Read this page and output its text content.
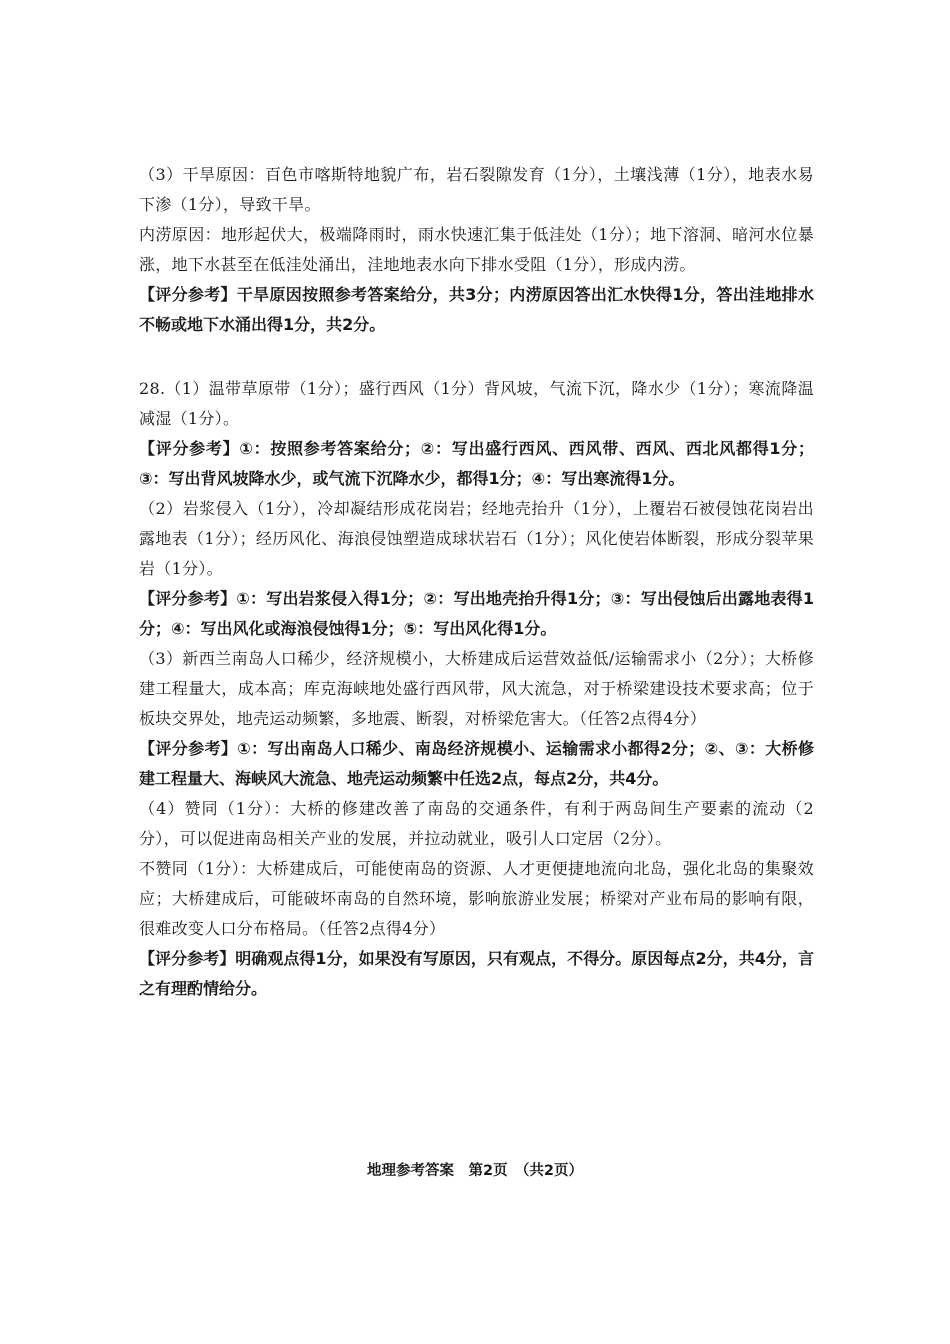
（3）干旱原因：百色市喀斯特地貌广布，岩石裂隙发育（1分），土壤浅薄（1分），地表水易下渗（1分），导致干旱。

内涝原因：地形起伏大，极端降雨时，雨水快速汇集于低洼处（1分）；地下溶洞、暗河水位暴涨，地下水甚至在低洼处涌出，洼地地表水向下排水受阻（1分），形成内涝。

【评分参考】干旱原因按照参考答案给分，共3分；内涝原因答出汇水快得1分，答出洼地排水不畅或地下水涌出得1分，共2分。

28.（1）温带草原带（1分）；盛行西风（1分）背风坡，气流下沉，降水少（1分）；寒流降温减湿（1分）。

【评分参考】①：按照参考答案给分；②：写出盛行西风、西风带、西风、西北风都得1分；③：写出背风坡降水少，或气流下沉降水少，都得1分；④：写出寒流得1分。

（2）岩浆侵入（1分），冷却凝结形成花岗岩；经地壳抬升（1分），上覆岩石被侵蚀花岗岩出露地表（1分）；经历风化、海浪侵蚀塑造成球状岩石（1分）；风化使岩体断裂，形成分裂苹果岩（1分）。

【评分参考】①：写出岩浆侵入得1分；②：写出地壳抬升得1分；③：写出侵蚀后出露地表得1分；④：写出风化或海浪侵蚀得1分；⑤：写出风化得1分。

（3）新西兰南岛人口稀少，经济规模小，大桥建成后运营效益低/运输需求小（2分）；大桥修建工程量大，成本高；库克海峡地处盛行西风带，风大流急，对于桥梁建设技术要求高；位于板块交界处，地壳运动频繁，多地震、断裂，对桥梁危害大。（任答2点得4分）

【评分参考】①：写出南岛人口稀少、南岛经济规模小、运输需求小都得2分；②、③：大桥修建工程量大、海峡风大流急、地壳运动频繁中任选2点，每点2分，共4分。

（4）赞同（1分）：大桥的修建改善了南岛的交通条件，有利于两岛间生产要素的流动（2分），可以促进南岛相关产业的发展，并拉动就业，吸引人口定居（2分）。

不赞同（1分）：大桥建成后，可能使南岛的资源、人才更便捷地流向北岛，强化北岛的集聚效应；大桥建成后，可能破坏南岛的自然环境，影响旅游业发展；桥梁对产业布局的影响有限，很难改变人口分布格局。（任答2点得4分）

【评分参考】明确观点得1分，如果没有写原因，只有观点，不得分。原因每点2分，共4分，言之有理酌情给分。

地理参考答案　第2页　（共2页）
